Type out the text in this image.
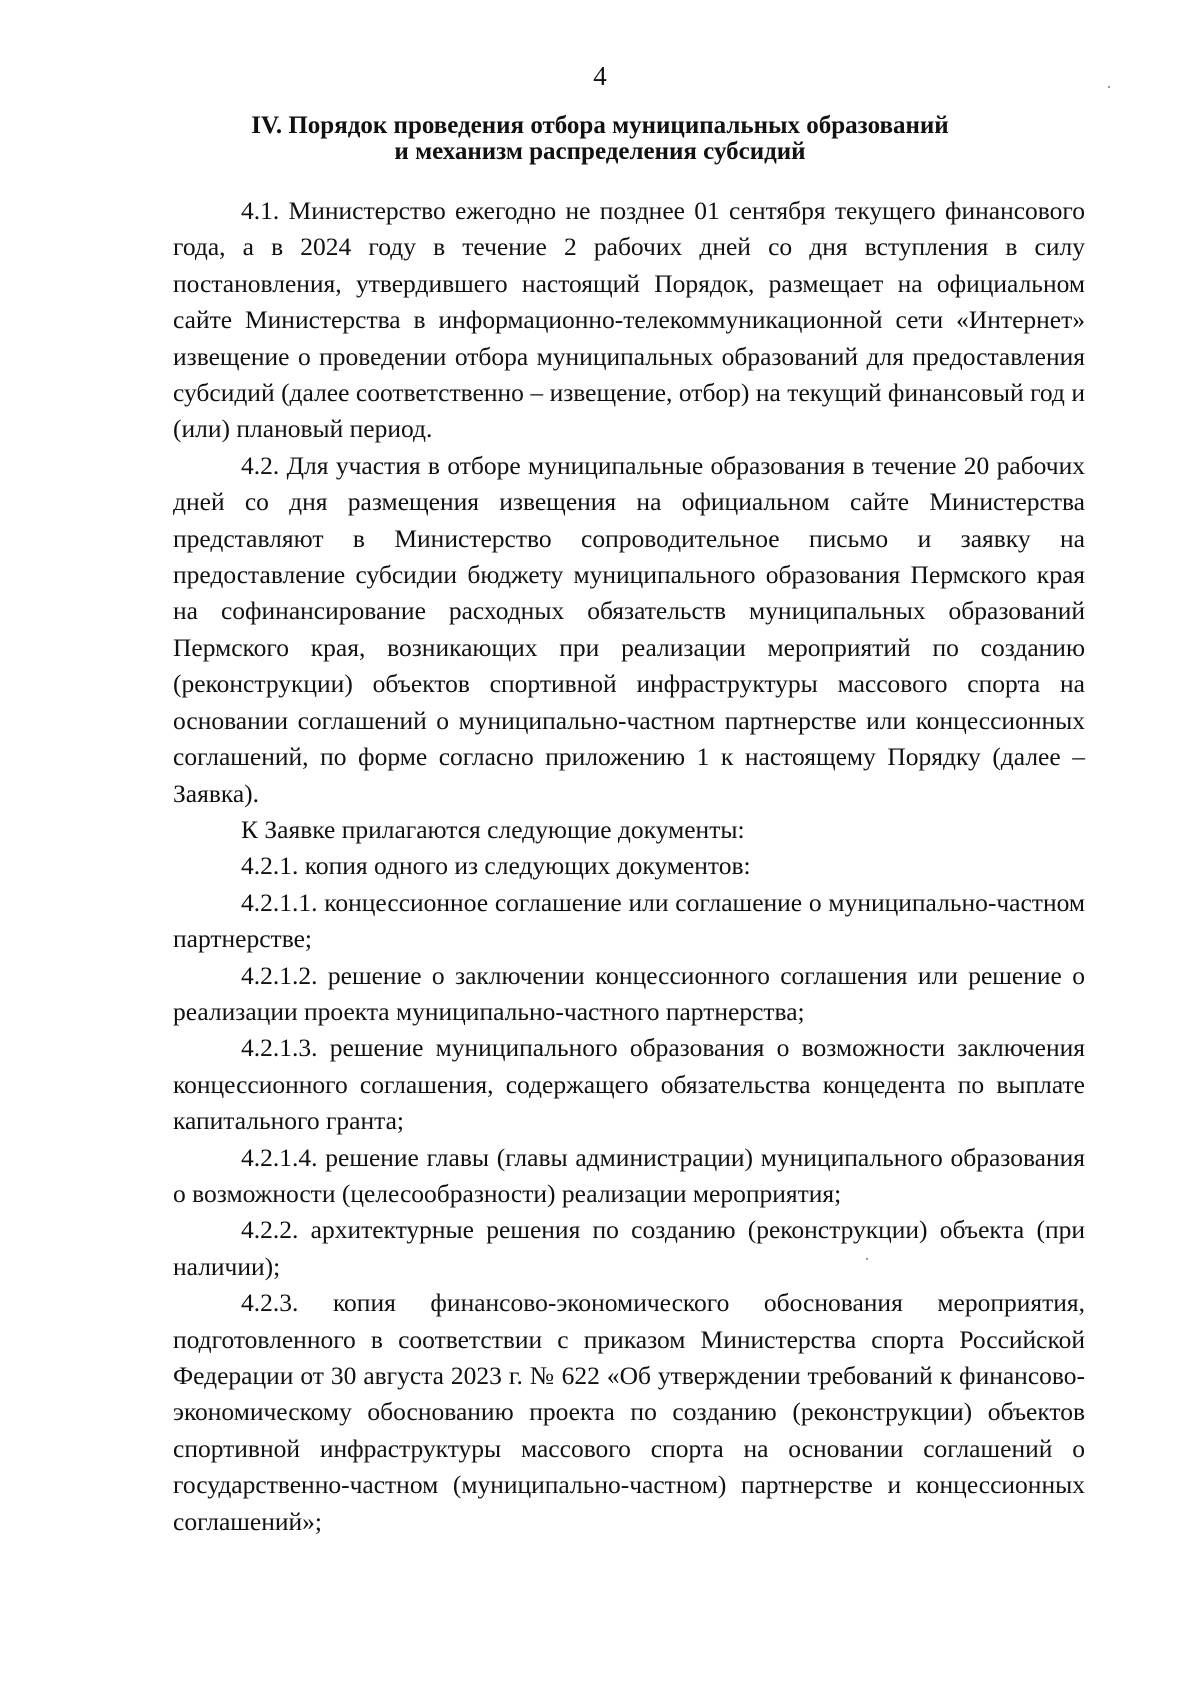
4
IV. Порядок проведения отбора муниципальных образований
и механизм распределения субсидий

4.1. Министерство ежегодно не позднее 01 сентября текущего финансового года, а в 2024 году в течение 2 рабочих дней со дня вступления в силу постановления, утвердившего настоящий Порядок, размещает на официальном сайте Министерства в информационно-телекоммуникационной сети «Интернет» извещение о проведении отбора муниципальных образований для предоставления субсидий (далее соответственно – извещение, отбор) на текущий финансовый год и (или) плановый период.

4.2. Для участия в отборе муниципальные образования в течение 20 рабочих дней со дня размещения извещения на официальном сайте Министерства представляют в Министерство сопроводительное письмо и заявку на предоставление субсидии бюджету муниципального образования Пермского края на софинансирование расходных обязательств муниципальных образований Пермского края, возникающих при реализации мероприятий по созданию (реконструкции) объектов спортивной инфраструктуры массового спорта на основании соглашений о муниципально-частном партнерстве или концессионных соглашений, по форме согласно приложению 1 к настоящему Порядку (далее – Заявка).

К Заявке прилагаются следующие документы:

4.2.1. копия одного из следующих документов:

4.2.1.1. концессионное соглашение или соглашение о муниципально-частном партнерстве;

4.2.1.2. решение о заключении концессионного соглашения или решение о реализации проекта муниципально-частного партнерства;

4.2.1.3. решение муниципального образования о возможности заключения концессионного соглашения, содержащего обязательства концедента по выплате капитального гранта;

4.2.1.4. решение главы (главы администрации) муниципального образования о возможности (целесообразности) реализации мероприятия;

4.2.2. архитектурные решения по созданию (реконструкции) объекта (при наличии);

4.2.3. копия финансово-экономического обоснования мероприятия, подготовленного в соответствии с приказом Министерства спорта Российской Федерации от 30 августа 2023 г. № 622 «Об утверждении требований к финансово-экономическому обоснованию проекта по созданию (реконструкции) объектов спортивной инфраструктуры массового спорта на основании соглашений о государственно-частном (муниципально-частном) партнерстве и концессионных соглашений»;
